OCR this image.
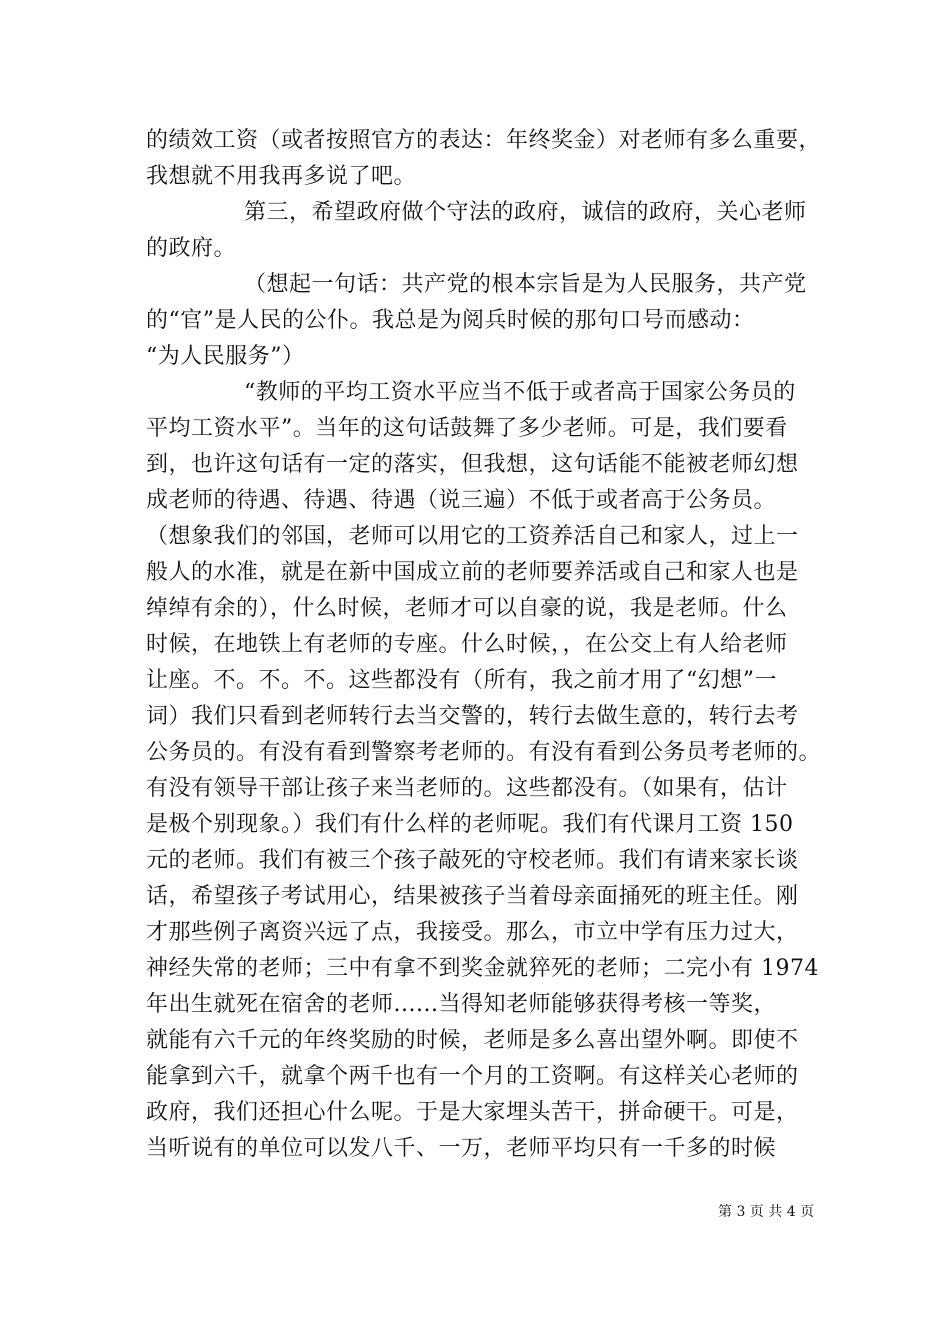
的绩效工资（或者按照官方的表达：年终奖金）对老师有多么重要，
我想就不用我再多说了吧。
第三，希望政府做个守法的政府，诚信的政府，关心老师
的政府。
（想起一句话：共产党的根本宗旨是为人民服务，共产党
的“官”是人民的公仆。我总是为阅兵时候的那句口号而感动：
“为人民服务”）
“教师的平均工资水平应当不低于或者高于国家公务员的
平均工资水平”。当年的这句话鼓舞了多少老师。可是，我们要看
到，也许这句话有一定的落实，但我想，这句话能不能被老师幻想
成老师的待遇、待遇、待遇（说三遍）不低于或者高于公务员。
（想象我们的邻国，老师可以用它的工资养活自己和家人，过上一
般人的水准，就是在新中国成立前的老师要养活或自己和家人也是
绰绰有余的），什么时候，老师才可以自豪的说，我是老师。什么
时候，在地铁上有老师的专座。什么时候，，在公交上有人给老师
让座。不。不。不。这些都没有（所有，我之前才用了“幻想”一
词）我们只看到老师转行去当交警的，转行去做生意的，转行去考
公务员的。有没有看到警察考老师的。有没有看到公务员考老师的。
有没有领导干部让孩子来当老师的。这些都没有。（如果有，估计
是极个别现象。）我们有什么样的老师呢。我们有代课月工资 150
元的老师。我们有被三个孩子敲死的守校老师。我们有请来家长谈
话，希望孩子考试用心，结果被孩子当着母亲面捅死的班主任。刚
才那些例子离资兴远了点，我接受。那么，市立中学有压力过大，
神经失常的老师；三中有拿不到奖金就猝死的老师；二完小有 1974
年出生就死在宿舍的老师......当得知老师能够获得考核一等奖，
就能有六千元的年终奖励的时候，老师是多么喜出望外啊。即使不
能拿到六千，就拿个两千也有一个月的工资啊。有这样关心老师的
政府，我们还担心什么呢。于是大家埋头苦干，拼命硬干。可是，
当听说有的单位可以发八千、一万，老师平均只有一千多的时候
第 3 页 共 4 页
